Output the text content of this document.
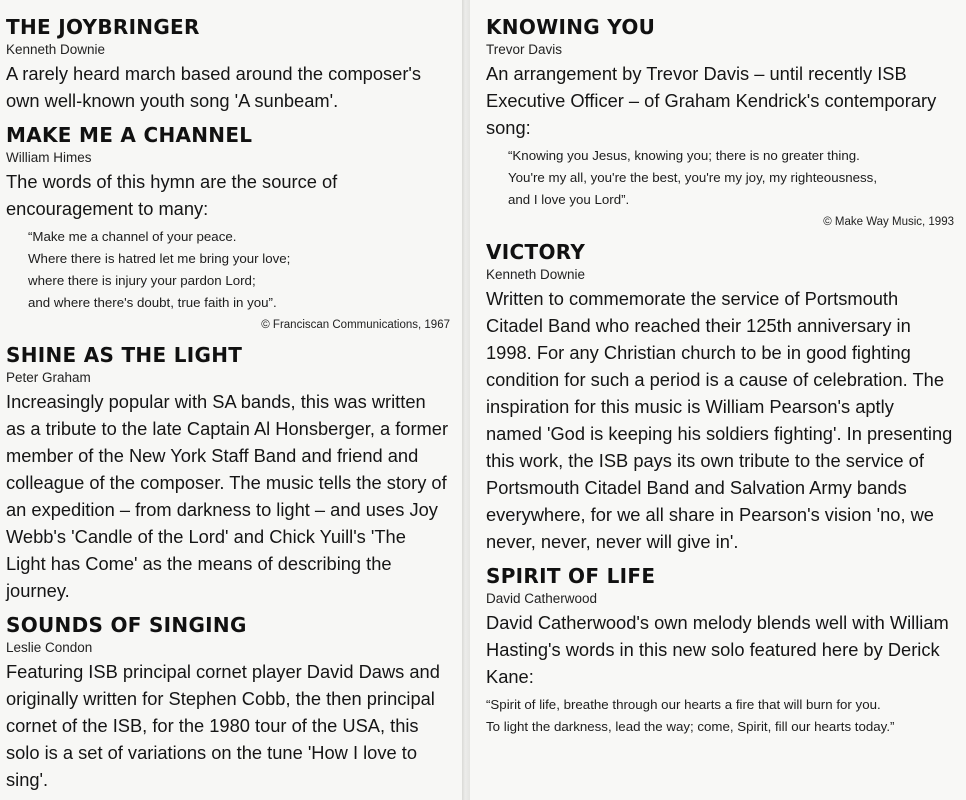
THE JOYBRINGER

Kenneth Downie

A rarely heard march based around the composer's own well-known youth song 'A sunbeam'.

MAKE ME A CHANNEL

William Himes

The words of this hymn are the source of encouragement to many:

“Make me a channel of your peace.
Where there is hatred let me bring your love;
where there is injury your pardon Lord;
and where there's doubt, true faith in you”.

© Franciscan Communications, 1967

SHINE AS THE LIGHT

Peter Graham

Increasingly popular with SA bands, this was written as a tribute to the late Captain Al Honsberger, a former member of the New York Staff Band and friend and colleague of the composer. The music tells the story of an expedition – from darkness to light – and uses Joy Webb's 'Candle of the Lord' and Chick Yuill's 'The Light has Come' as the means of describing the journey.

SOUNDS OF SINGING

Leslie Condon

Featuring ISB principal cornet player David Daws and originally written for Stephen Cobb, the then principal cornet of the ISB, for the 1980 tour of the USA, this solo is a set of variations on the tune 'How I love to sing'.

KNOWING YOU

Trevor Davis

An arrangement by Trevor Davis – until recently ISB Executive Officer – of Graham Kendrick's contemporary song:

“Knowing you Jesus, knowing you; there is no greater thing.
You're my all, you're the best, you're my joy, my righteousness,
and I love you Lord”.

© Make Way Music, 1993

VICTORY

Kenneth Downie

Written to commemorate the service of Portsmouth Citadel Band who reached their 125th anniversary in 1998. For any Christian church to be in good fighting condition for such a period is a cause of celebration. The inspiration for this music is William Pearson's aptly named 'God is keeping his soldiers fighting'. In presenting this work, the ISB pays its own tribute to the service of Portsmouth Citadel Band and Salvation Army bands everywhere, for we all share in Pearson's vision 'no, we never, never, never will give in'.

SPIRIT OF LIFE

David Catherwood

David Catherwood's own melody blends well with William Hasting's words in this new solo featured here by Derick Kane:

“Spirit of life, breathe through our hearts a fire that will burn for you.
To light the darkness, lead the way; come, Spirit, fill our hearts today.”
